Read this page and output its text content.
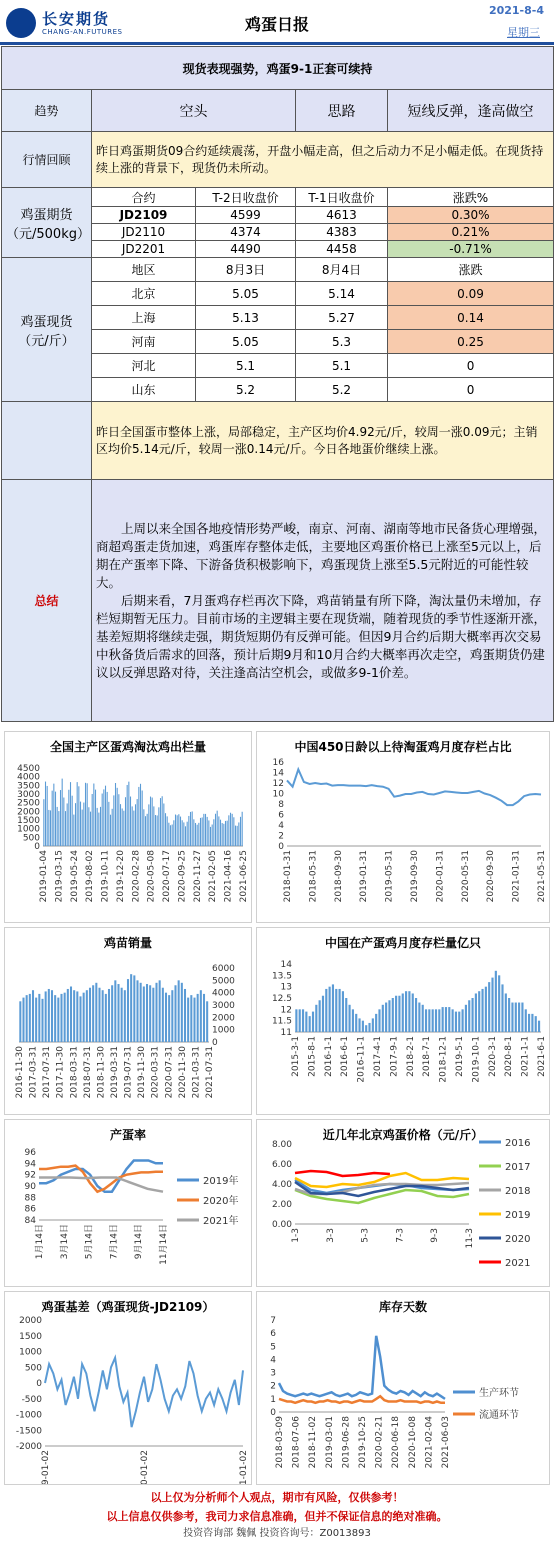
长安期货
CHANG-AN.FUTURES	鸡蛋日报
2021-8-4
星期三
现货表现强势，鸡蛋9-1正套可续持				
趋势	空头		思路	短线反弹，逢高做空
行情回顾	昨日鸡蛋期货09合约延续震荡，开盘小幅走高，但之后动力不足小幅走低。在现货持续上涨的背景下，现货仍未所动。			
鸡蛋期货（元/500kg）	合约	T-2日收盘价	T-1日收盘价	涨跌%
	JD2109	4599	4613	0.30%
	JD2110	4374	4383	0.21%
	JD2201	4490	4458	-0.71%
鸡蛋现货（元/斤）	地区	8月3日	8月4日	涨跌
	北京	5.05	5.14	0.09
	上海	5.13	5.27	0.14
	河南	5.05	5.3	0.25
	河北	5.1	5.1	0
	山东	5.2	5.2	0
	昨日全国蛋市整体上涨，局部稳定，主产区均价4.92元/斤，较周一涨0.09元；主销区均价5.14元/斤，较周一涨0.14元/斤。今日各地蛋价继续上涨。			
总结	上周以来全国各地疫情形势严峻，南京、河南、湖南等地市民备货心理增强，商超鸡蛋走货加速，鸡蛋库存整体走低，主要地区鸡蛋价格已上涨至5元以上，后期在产蛋率下降、下游备货积极影响下，鸡蛋现货上涨至5.5元附近的可能性较大。
后期来看，7月蛋鸡存栏再次下降，鸡苗销量有所下降，淘汰量仍未增加，存栏短期暂无压力。目前市场的主逻辑主要在现货端，随着现货的季节性逐渐开涨，基差短期将继续走强，期货短期仍有反弹可能。但因9月合约后期大概率再次交易中秋备货后需求的回落，预计后期9月和10月合约大概率再次走空，鸡蛋期货仍建议以反弹思路对待，关注逢高沽空机会，或做多9-1价差。			
全国主产区蛋鸡淘汰鸡出栏量
0
500
1000
1500
2000
2500
3000
3500
4000
4500
2019-01-04 2019-03-15 2019-05-24 2019-08-02 2019-10-11 2019-12-20 2020-02-28 2020-05-08 2020-07-17 2020-09-25 2020-11-27 2021-02-05 2021-04-16 2021-06-25
中国450日龄以上待淘蛋鸡月度存栏占比
0
2
4
6
8
10
12
14
16
2018-01-31 2018-05-31 2018-09-30 2019-01-31 2019-05-31 2019-09-30 2020-01-31 2020-05-31 2020-09-30 2021-01-31 2021-05-31
鸡苗销量
0
1000
2000
3000
4000
5000
6000
2016-11-30 2017-03-31 2017-07-31 2017-11-30 2018-03-31 2018-07-31 2018-11-30 2019-03-31 2019-07-31 2019-11-30 2020-03-31 2020-07-31 2020-11-30 2021-03-31 2021-07-31
中国在产蛋鸡月度存栏量亿只
11
11.5
12
12.5
13
13.5
14
2015-3-1 2015-8-1 2016-1-1 2016-6-1 2016-11-1 2017-4-1 2017-9-1 2018-2-1 2018-7-1 2018-12-1 2019-5-1 2019-10-1 2020-3-1 2020-8-1 2021-1-1 2021-6-1
产蛋率
84
86
88
90
92
94
96
1月14日 3月14日 5月14日 7月14日 9月14日 11月14日
2019年
2020年
2021年
近几年北京鸡蛋价格（元/斤）
0.00
2.00
4.00
6.00
8.00
1-3	3-3	5-3	7-3	9-3	11-3
2016
2017
2018
2019
2020
2021
鸡蛋基差（鸡蛋现货-JD2109）
-2000
-1500
-1000
-500
0
500
1000
1500
2000
2019-01-02	2020-01-02	2021-01-02
库存天数
0
1
2
3
4
5
6
7
2018-03-09 2018-07-06 2018-11-02 2019-03-01 2019-06-28 2019-10-25 2020-02-21 2020-06-18 2020-10-08 2021-02-04 2021-06-03
生产环节
流通环节
以上仅为分析师个人观点，期市有风险，仅供参考！
以上信息仅供参考，我司力求信息准确，但并不保证信息的绝对准确。
投资咨询部 魏佩 投资咨询号：Z0013893
